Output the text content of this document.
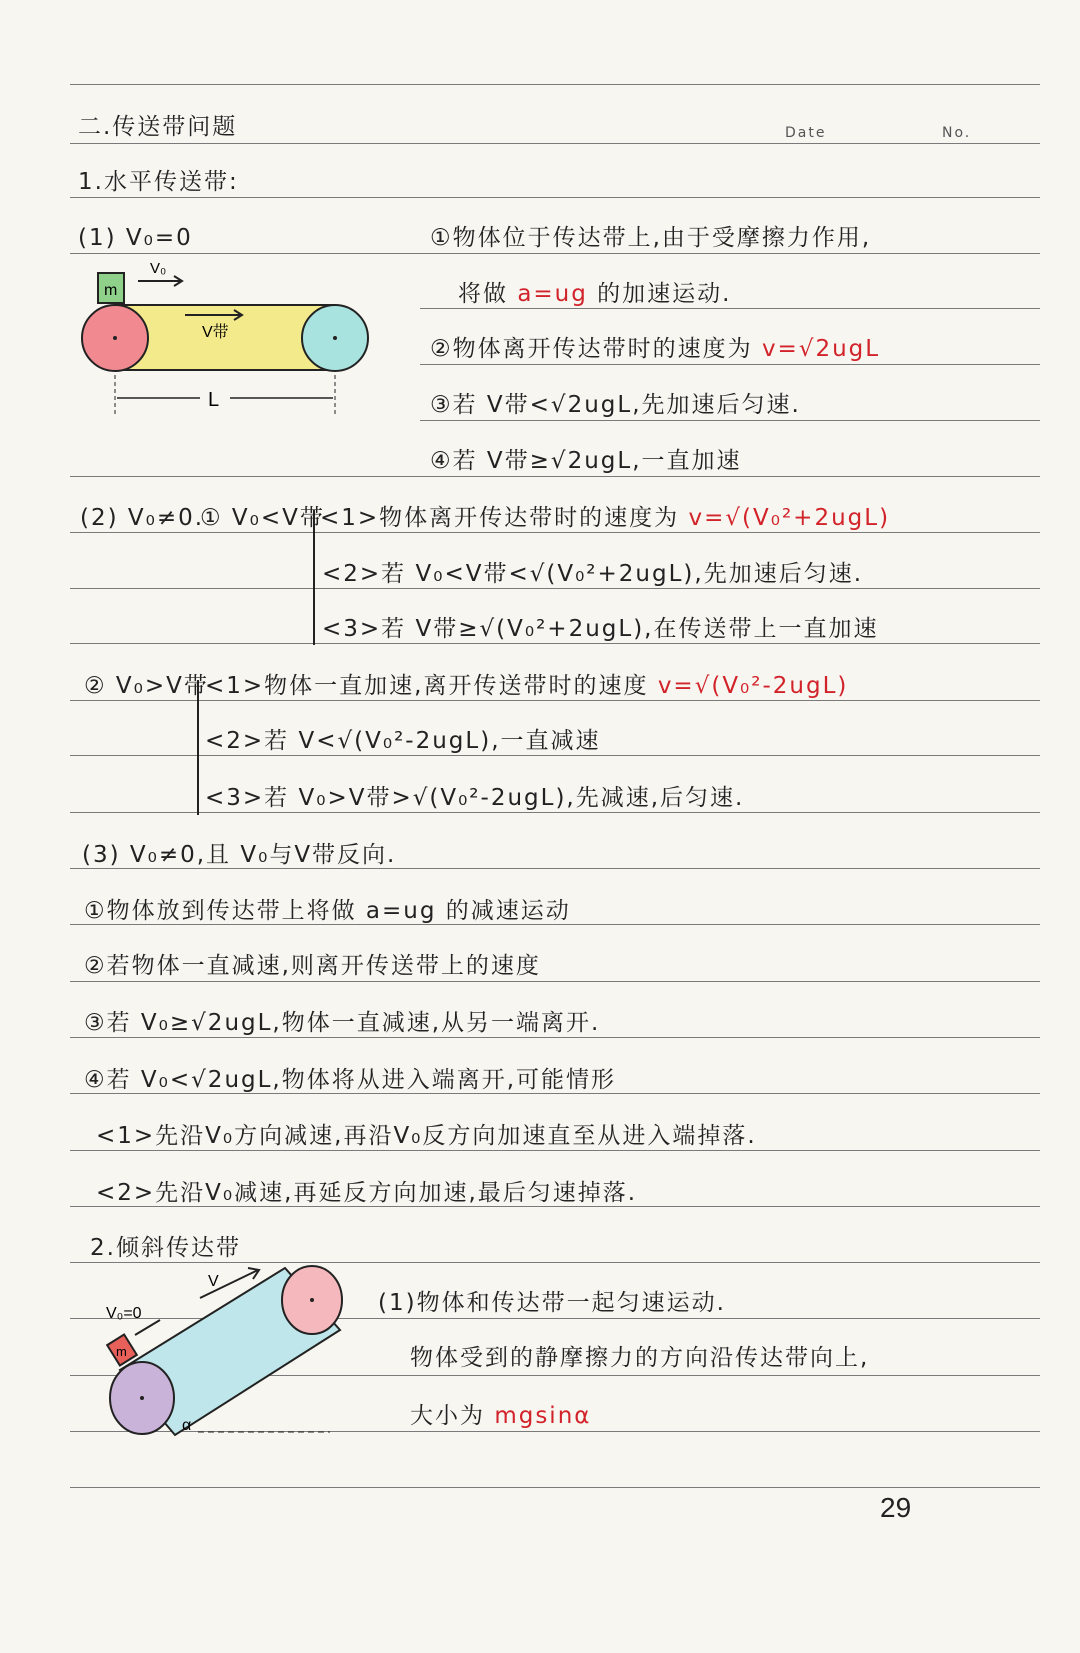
二.传送带问题	Date	No.
1.水平传送带:
(1) V₀=0	①物体位于传达带上,由于受摩擦力作用,
将做 a=ug 的加速运动.
②物体离开传达带时的速度为 v=√2ugL
③若 V带<√2ugL,先加速后匀速.
④若 V带≥√2ugL,一直加速
m
V₀
V带
L
(2) V₀≠0.
① V₀<V带
<1>物体离开传达带时的速度为 v=√(V₀²+2ugL)
<2>若 V₀<V带<√(V₀²+2ugL),先加速后匀速.
<3>若 V带≥√(V₀²+2ugL),在传送带上一直加速
② V₀>V带
<1>物体一直加速,离开传送带时的速度 v=√(V₀²-2ugL)
<2>若 V<√(V₀²-2ugL),一直减速
<3>若 V₀>V带>√(V₀²-2ugL),先减速,后匀速.
(3) V₀≠0,且 V₀与V带反向.
①物体放到传达带上将做 a=ug 的减速运动
②若物体一直减速,则离开传送带上的速度
③若 V₀≥√2ugL,物体一直减速,从另一端离开.
④若 V₀<√2ugL,物体将从进入端离开,可能情形
<1>先沿V₀方向减速,再沿V₀反方向加速直至从进入端掉落.
<2>先沿V₀减速,再延反方向加速,最后匀速掉落.
2.倾斜传达带
(1)物体和传达带一起匀速运动.
物体受到的静摩擦力的方向沿传达带向上,
大小为 mgsinα
m
V
V₀=0
α
29
